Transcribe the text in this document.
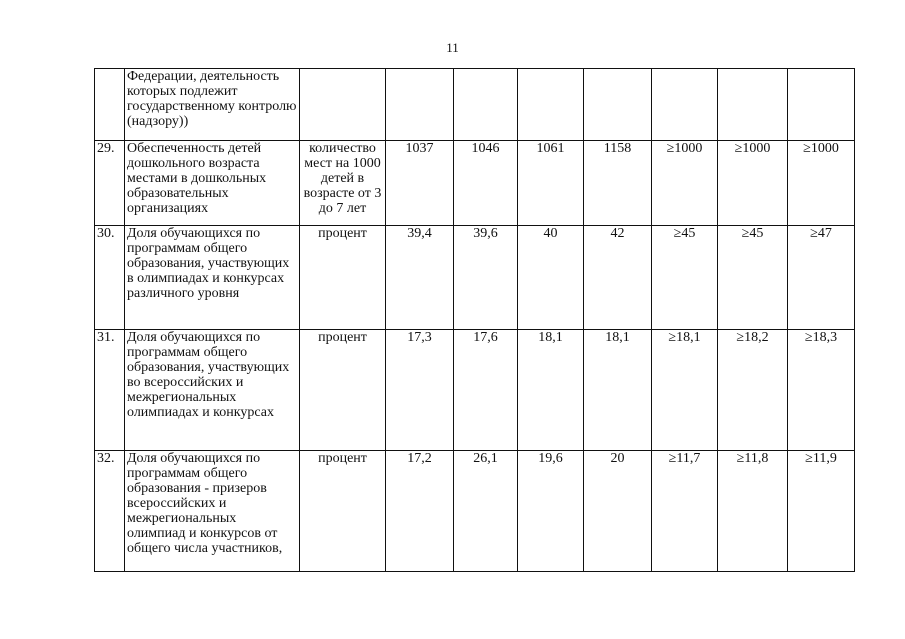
11
	Федерации, деятельность которых подлежит государственному контролю (надзору))								
29.	Обеспеченность детей дошкольного возраста местами в дошкольных образовательных организациях	количество мест на 1000 детей в возрасте от 3 до 7 лет	1037	1046	1061	1158	≥1000	≥1000	≥1000
30.	Доля обучающихся по программам общего образования, участвующих в олимпиадах и конкурсах различного уровня	процент	39,4	39,6	40	42	≥45	≥45	≥47
31.	Доля обучающихся по программам общего образования, участвующих во всероссийских и межрегиональных олимпиадах и конкурсах	процент	17,3	17,6	18,1	18,1	≥18,1	≥18,2	≥18,3
32.	Доля обучающихся по программам общего образования - призеров всероссийских и межрегиональных олимпиад и конкурсов от общего числа участников,	процент	17,2	26,1	19,6	20	≥11,7	≥11,8	≥11,9
